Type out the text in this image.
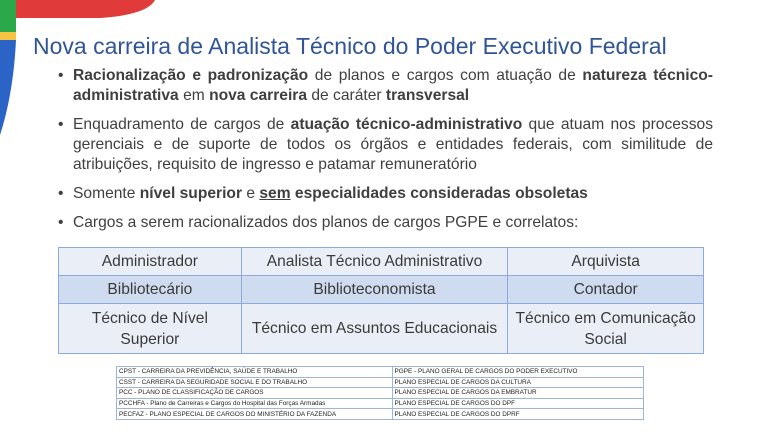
Nova carreira de Analista Técnico do Poder Executivo Federal
• Racionalização e padronização de planos e cargos com atuação de natureza técnico-administrativa em nova carreira de caráter transversal
• Enquadramento de cargos de atuação técnico-administrativo que atuam nos processos gerenciais e de suporte de todos os órgãos e entidades federais, com similitude de atribuições, requisito de ingresso e patamar remuneratório
• Somente nível superior e sem especialidades consideradas obsoletas
• Cargos a serem racionalizados dos planos de cargos PGPE e correlatos:
Administrador	Analista Técnico Administrativo	Arquivista
Bibliotecário	Biblioteconomista	Contador
Técnico de Nível Superior	Técnico em Assuntos Educacionais	Técnico em Comunicação Social
CPST - CARREIRA DA PREVIDÊNCIA, SAÚDE E TRABALHO	PGPE - PLANO GERAL DE CARGOS DO PODER EXECUTIVO
CSST - CARREIRA DA SEGURIDADE SOCIAL E DO TRABALHO	PLANO ESPECIAL DE CARGOS DA CULTURA
PCC - PLANO DE CLASSIFICAÇÃO DE CARGOS	PLANO ESPECIAL DE CARGOS DA EMBRATUR
PCCHFA - Plano de Carreiras e Cargos do Hospital das Forças Armadas	PLANO ESPECIAL DE CARGOS DO DPF
PECFAZ - PLANO ESPECIAL DE CARGOS DO MINISTÉRIO DA FAZENDA	PLANO ESPECIAL DE CARGOS DO DPRF
